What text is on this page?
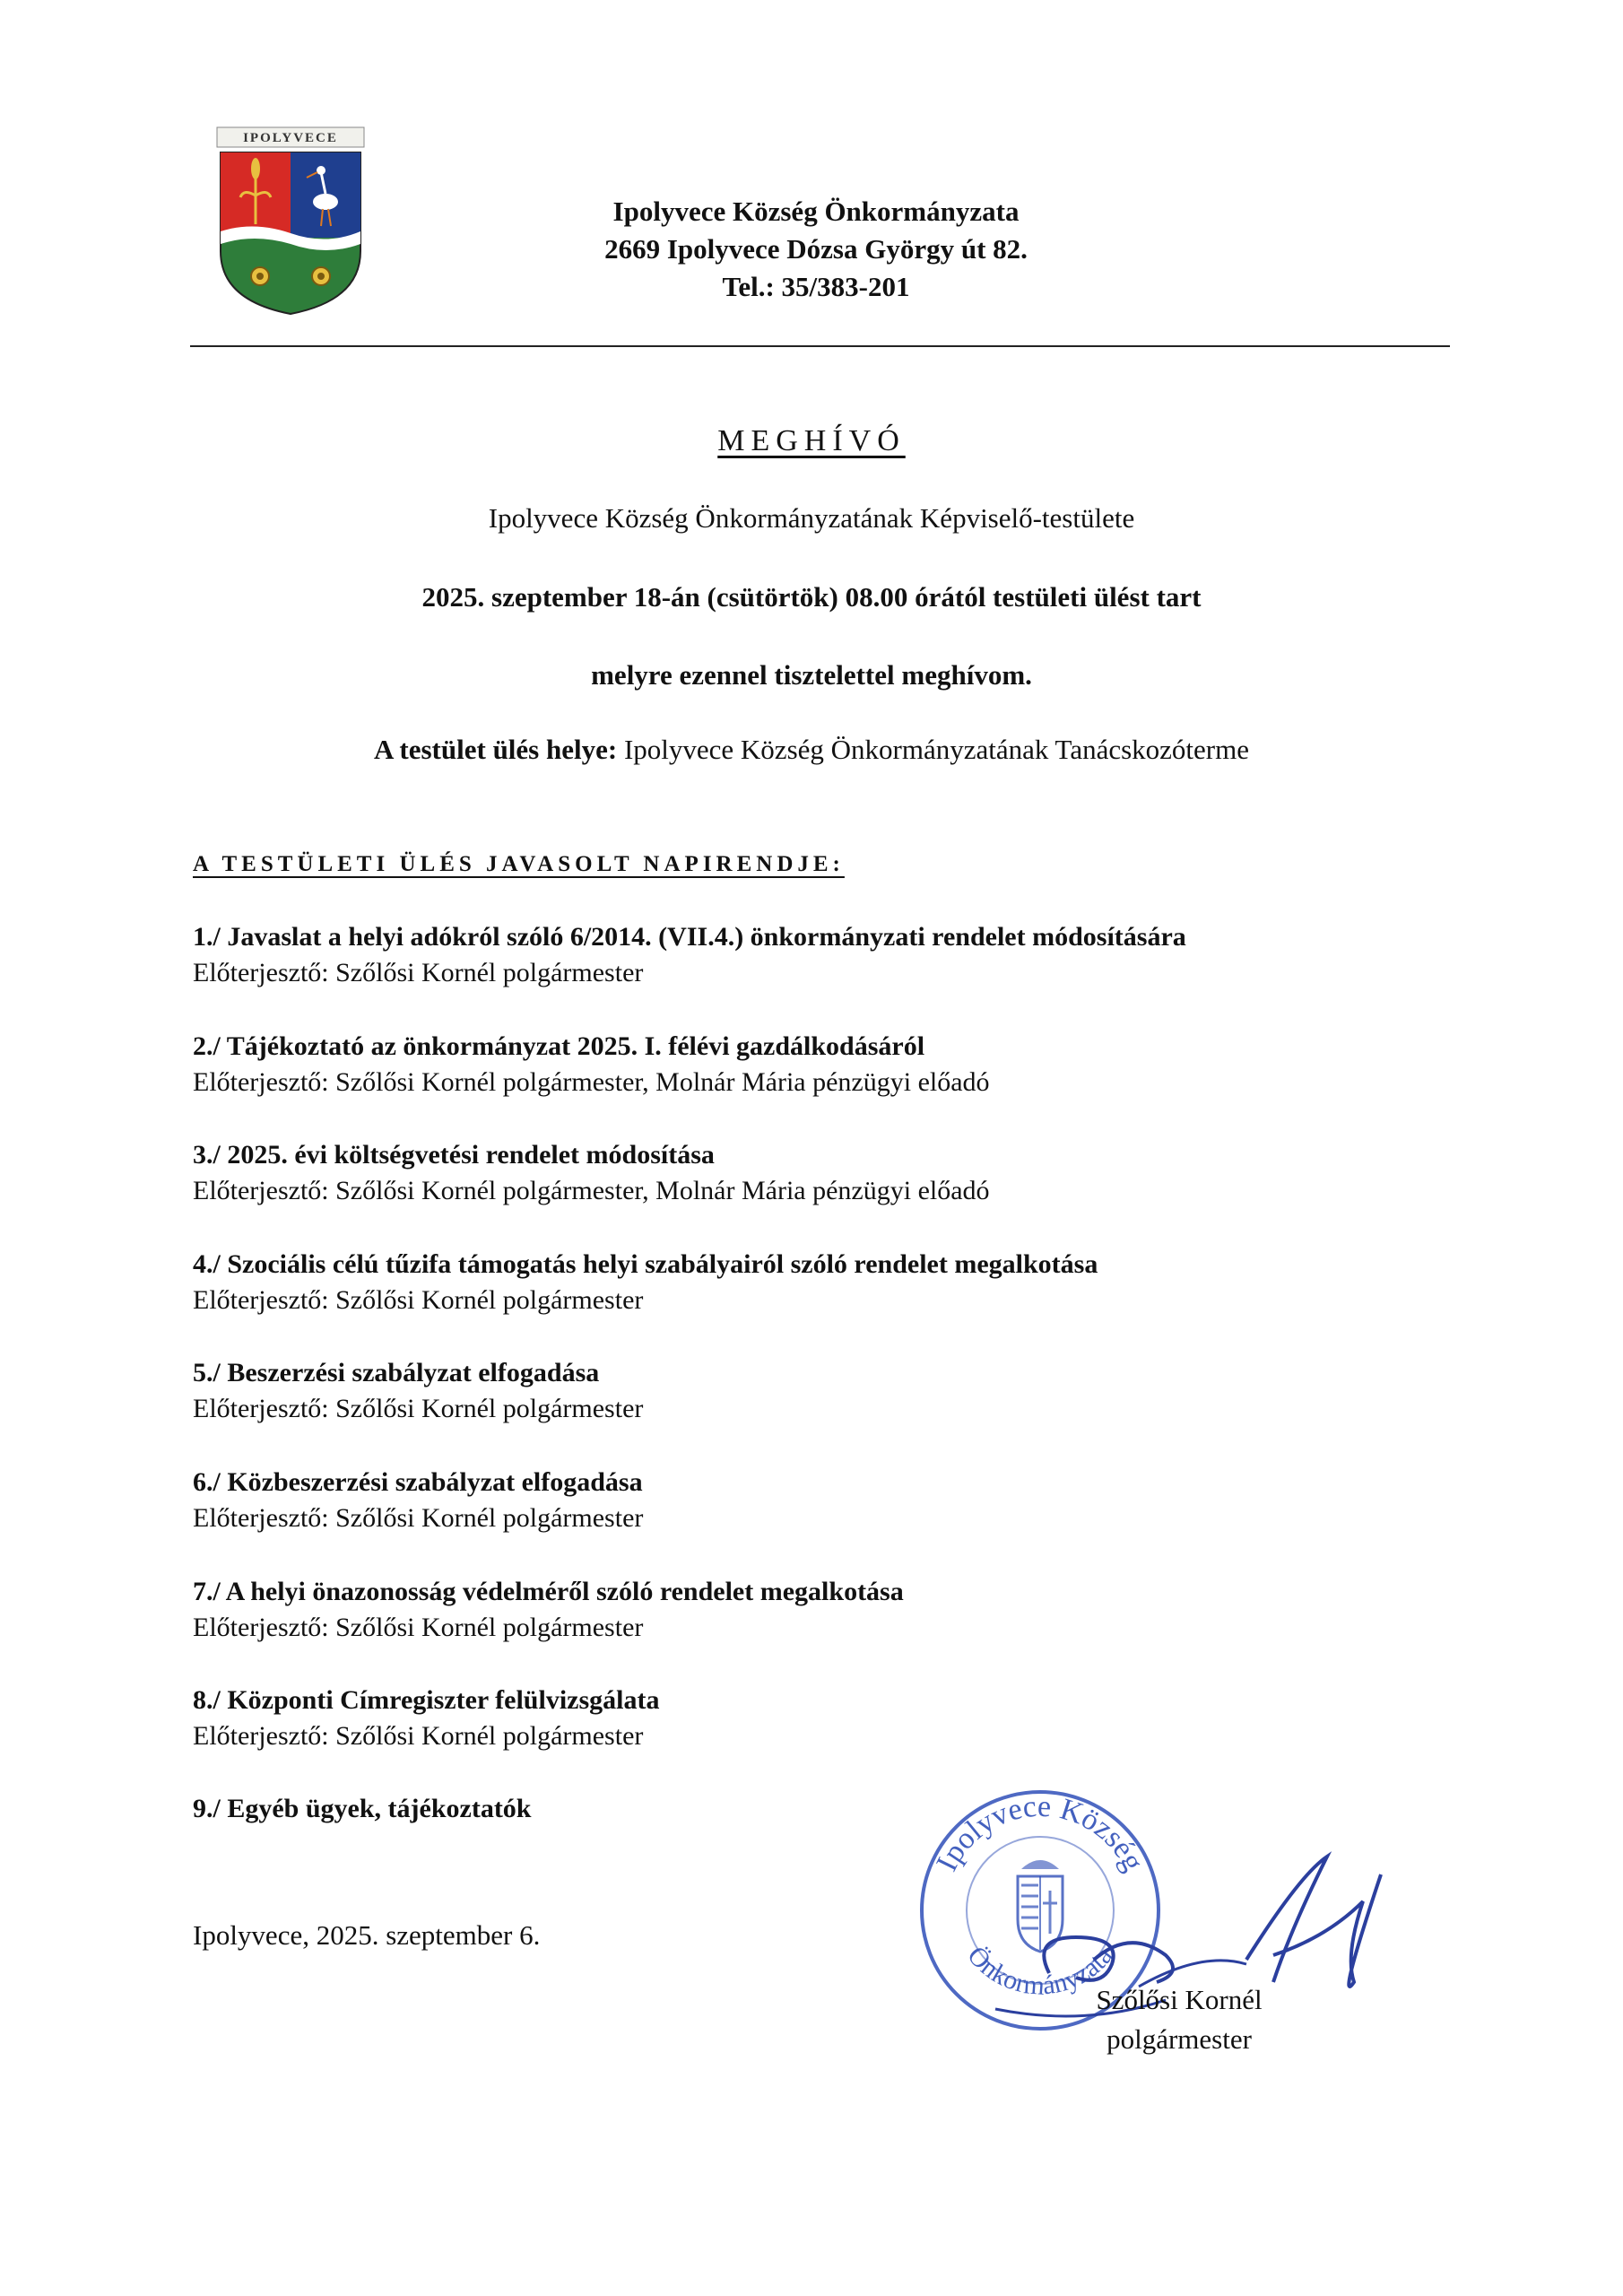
IPOLYVECE
Ipolyvece Község Önkormányzata
2669 Ipolyvece Dózsa György út 82.
Tel.: 35/383-201
MEGHÍVÓ
Ipolyvece Község Önkormányzatának Képviselő-testülete
2025. szeptember 18-án (csütörtök) 08.00 órától testületi ülést tart
melyre ezennel tisztelettel meghívom.
A testület ülés helye: Ipolyvece Község Önkormányzatának Tanácskozóterme
A TESTÜLETI ÜLÉS JAVASOLT NAPIRENDJE:
1./ Javaslat a helyi adókról szóló 6/2014. (VII.4.) önkormányzati rendelet módosítására
Előterjesztő: Szőlősi Kornél polgármester
2./ Tájékoztató az önkormányzat 2025. I. félévi gazdálkodásáról
Előterjesztő: Szőlősi Kornél polgármester, Molnár Mária pénzügyi előadó
3./ 2025. évi költségvetési rendelet módosítása
Előterjesztő: Szőlősi Kornél polgármester, Molnár Mária pénzügyi előadó
4./ Szociális célú tűzifa támogatás helyi szabályairól szóló rendelet megalkotása
Előterjesztő: Szőlősi Kornél polgármester
5./ Beszerzési szabályzat elfogadása
Előterjesztő: Szőlősi Kornél polgármester
6./ Közbeszerzési szabályzat elfogadása
Előterjesztő: Szőlősi Kornél polgármester
7./ A helyi önazonosság védelméről szóló rendelet megalkotása
Előterjesztő: Szőlősi Kornél polgármester
8./ Központi Címregiszter felülvizsgálata
Előterjesztő: Szőlősi Kornél polgármester
9./ Egyéb ügyek, tájékoztatók
Ipolyvece, 2025. szeptember 6.
Ipolyvece Község
Önkormányzata
Szőlősi Kornél
polgármester
